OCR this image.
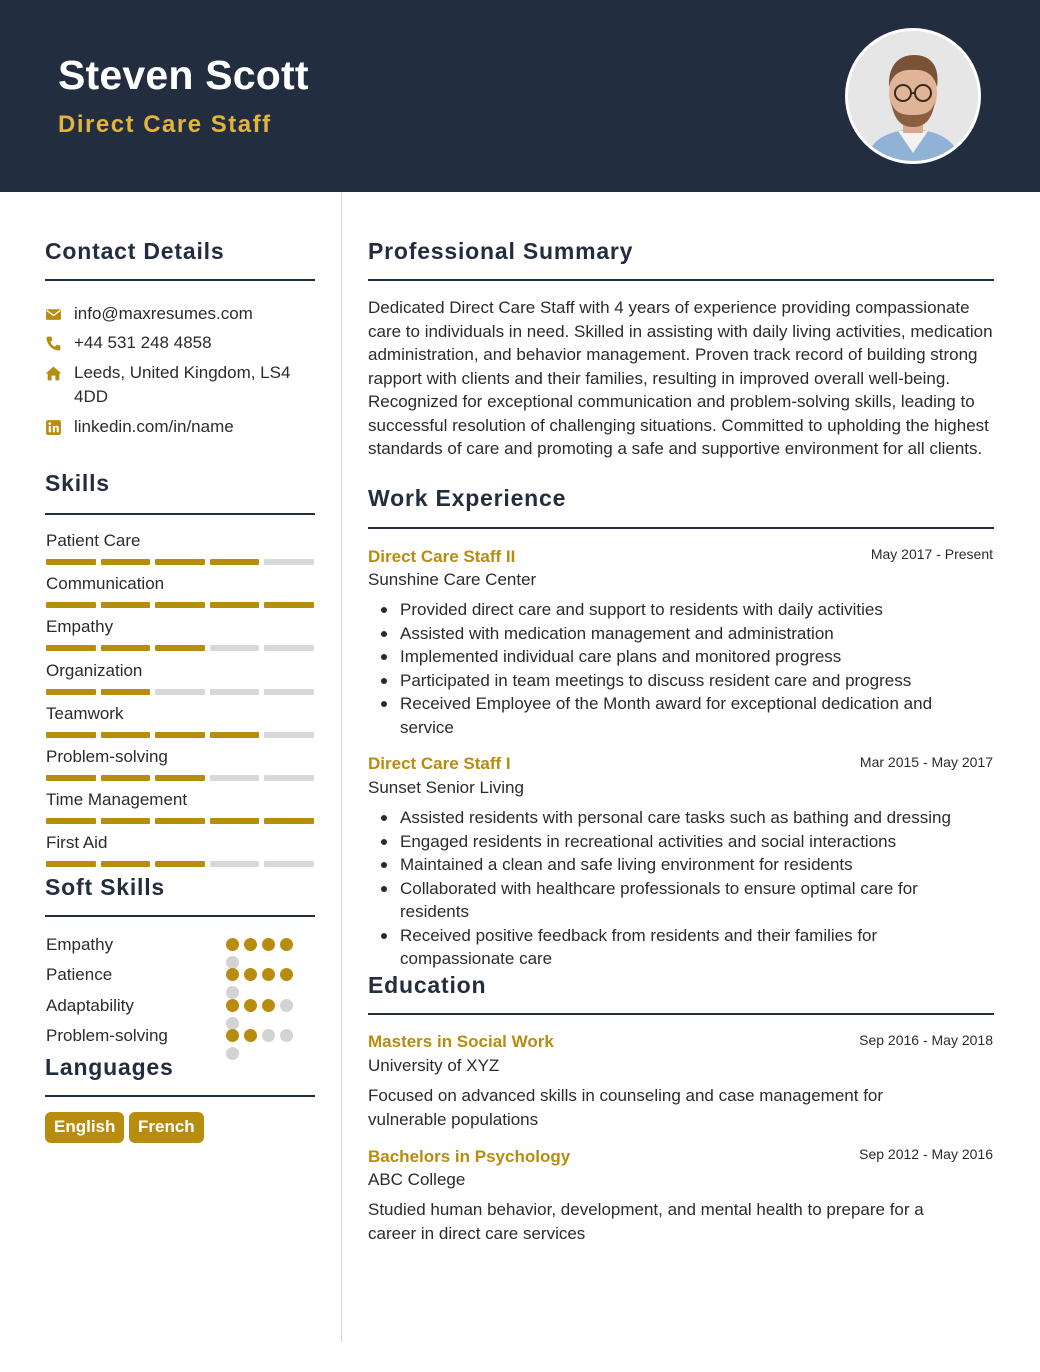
Steven Scott
Direct Care Staff
Contact Details
info@maxresumes.com
+44 531 248 4858
Leeds, United Kingdom, LS4 4DD
linkedin.com/in/name
Skills
Patient Care
Communication
Empathy
Organization
Teamwork
Problem-solving
Time Management
First Aid
Soft Skills
Empathy
Patience
Adaptability
Problem-solving
Languages
English	French
Professional Summary
Dedicated Direct Care Staff with 4 years of experience providing compassionate care to individuals in need. Skilled in assisting with daily living activities, medication administration, and behavior management. Proven track record of building strong rapport with clients and their families, resulting in improved overall well-being. Recognized for exceptional communication and problem-solving skills, leading to successful resolution of challenging situations. Committed to upholding the highest standards of care and promoting a safe and supportive environment for all clients.
Work Experience
Direct Care Staff II	May 2017 - Present
Sunshine Care Center
Provided direct care and support to residents with daily activities
Assisted with medication management and administration
Implemented individual care plans and monitored progress
Participated in team meetings to discuss resident care and progress
Received Employee of the Month award for exceptional dedication and service
Direct Care Staff I	Mar 2015 - May 2017
Sunset Senior Living
Assisted residents with personal care tasks such as bathing and dressing
Engaged residents in recreational activities and social interactions
Maintained a clean and safe living environment for residents
Collaborated with healthcare professionals to ensure optimal care for residents
Received positive feedback from residents and their families for compassionate care
Education
Masters in Social Work	Sep 2016 - May 2018
University of XYZ
Focused on advanced skills in counseling and case management for vulnerable populations
Bachelors in Psychology	Sep 2012 - May 2016
ABC College
Studied human behavior, development, and mental health to prepare for a career in direct care services
